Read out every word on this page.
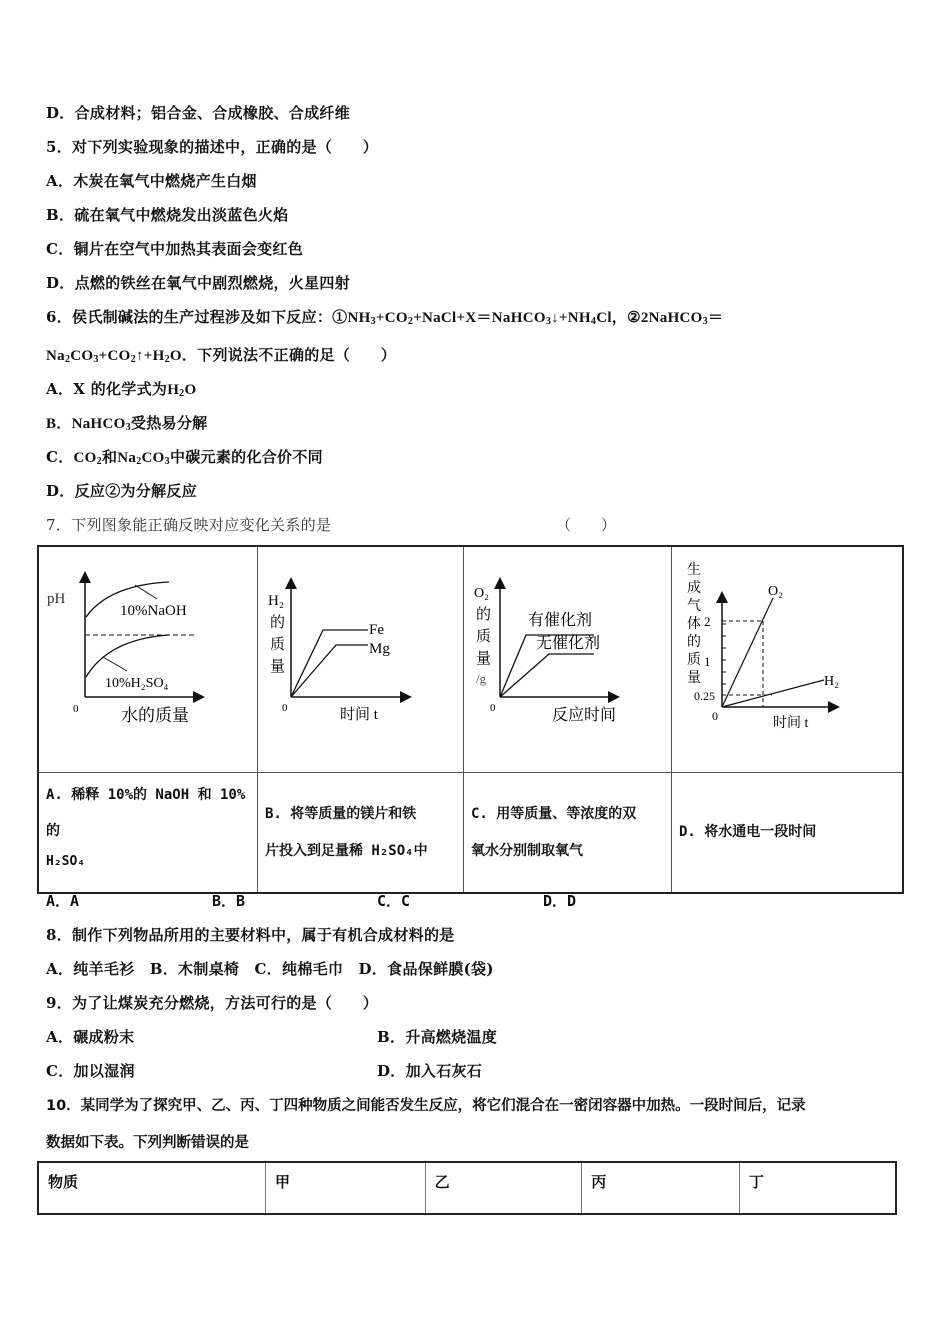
D．合成材料；铝合金、合成橡胶、合成纤维
5．对下列实验现象的描述中，正确的是（　　）
A．木炭在氧气中燃烧产生白烟
B．硫在氧气中燃烧发出淡蓝色火焰
C．铜片在空气中加热其表面会变红色
D．点燃的铁丝在氧气中剧烈燃烧，火星四射
6．侯氏制碱法的生产过程涉及如下反应：$①NH_3+CO_2+NaCl+X=NaHCO_3↓+NH_4Cl$，②2NaHCO$_3$＝
$Na_2CO_3+CO_2↑+H_2O$．下列说法不正确的足（　　）
A．X 的化学式为$H_2O$
B．NaHCO$_3$受热易分解
C．$CO_2$和$Na_2CO_3$中碳元素的化合价不同
D．反应②为分解反应
7．下列图象能正确反映对应变化关系的是	（　　）
pH
0
10%NaOH
10%H₂SO₄
水的质量

H₂
的
质
量
0
Fe
Mg
时间 t

O₂
的
质
量
/g
0
有催化剂
无催化剂
反应时间

生
成
气
体
的
质
量
2
1
0.25
0
O₂
H₂
时间 t

A. 稀释 10%的 NaOH 和 10%
的
H₂SO₄

B. 将等质量的镁片和铁
片投入到足量稀 H₂SO₄中

C. 用等质量、等浓度的双
氧水分别制取氧气

D. 将水通电一段时间
A．A	B．B	C．C	D．D
8．制作下列物品所用的主要材料中，属于有机合成材料的是
A．纯羊毛衫　B．木制桌椅　C．纯棉毛巾　D．食品保鲜膜(袋)
9．为了让煤炭充分燃烧，方法可行的是（　　）
A．碾成粉末	B．升高燃烧温度
C．加以湿润	D．加入石灰石
10．某同学为了探究甲、乙、丙、丁四种物质之间能否发生反应，将它们混合在一密闭容器中加热。一段时间后，记录
数据如下表。下列判断错误的是
物质	甲	乙	丙	丁
